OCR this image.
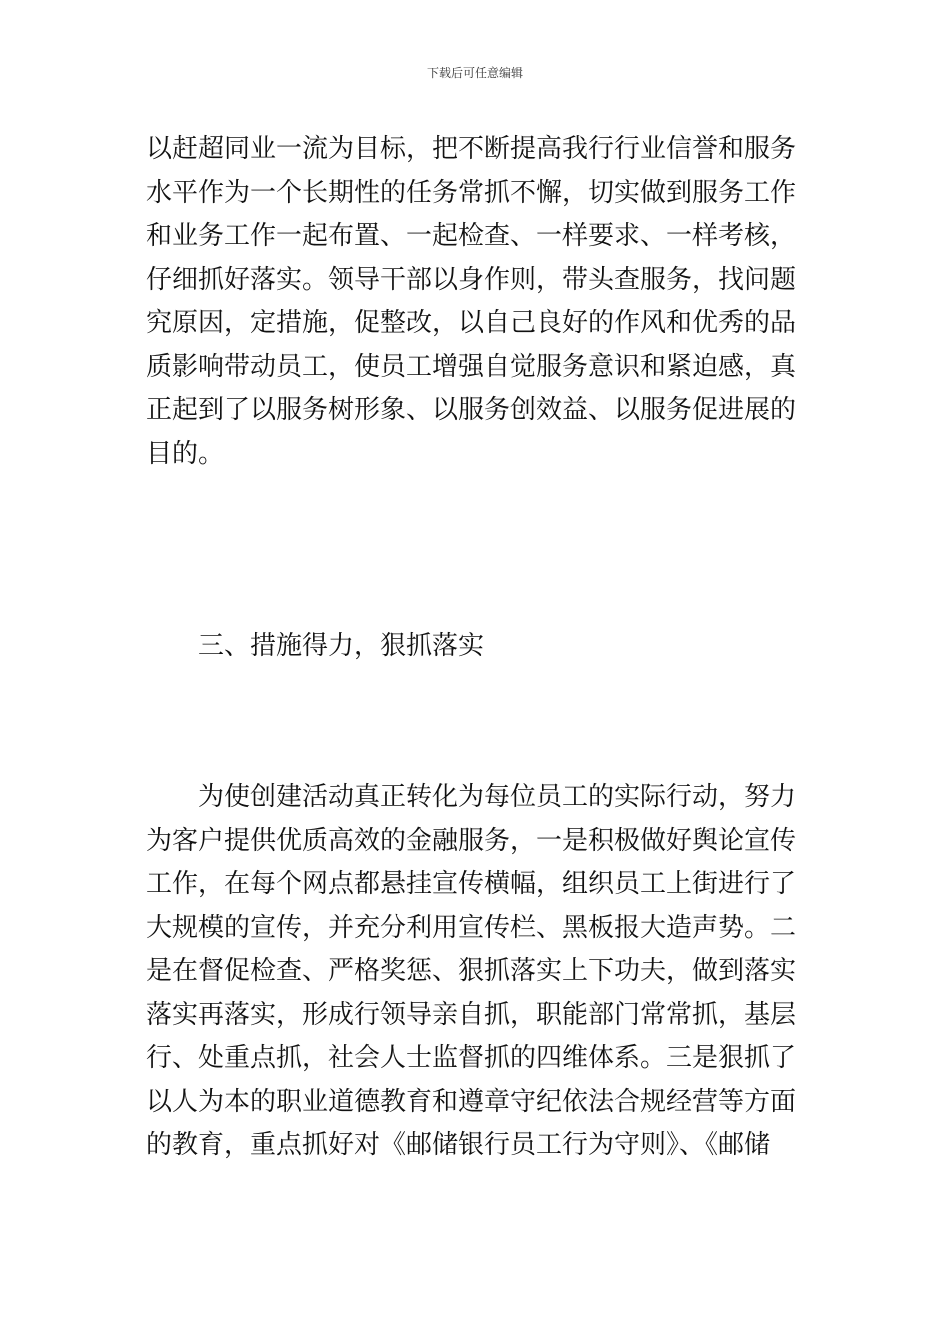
下载后可任意编辑
以赶超同业一流为目标，把不断提高我行行业信誉和服务
水平作为一个长期性的任务常抓不懈，切实做到服务工作
和业务工作一起布置、一起检查、一样要求、一样考核，
仔细抓好落实。领导干部以身作则，带头查服务，找问题
究原因，定措施，促整改，以自己良好的作风和优秀的品
质影响带动员工，使员工增强自觉服务意识和紧迫感，真
正起到了以服务树形象、以服务创效益、以服务促进展的
目的。
三、措施得力，狠抓落实
为使创建活动真正转化为每位员工的实际行动，努力
为客户提供优质高效的金融服务，一是积极做好舆论宣传
工作，在每个网点都悬挂宣传横幅，组织员工上街进行了
大规模的宣传，并充分利用宣传栏、黑板报大造声势。二
是在督促检查、严格奖惩、狠抓落实上下功夫，做到落实
落实再落实，形成行领导亲自抓，职能部门常常抓，基层
行、处重点抓，社会人士监督抓的四维体系。三是狠抓了
以人为本的职业道德教育和遵章守纪依法合规经营等方面
的教育，重点抓好对《邮储银行员工行为守则》、《邮储
